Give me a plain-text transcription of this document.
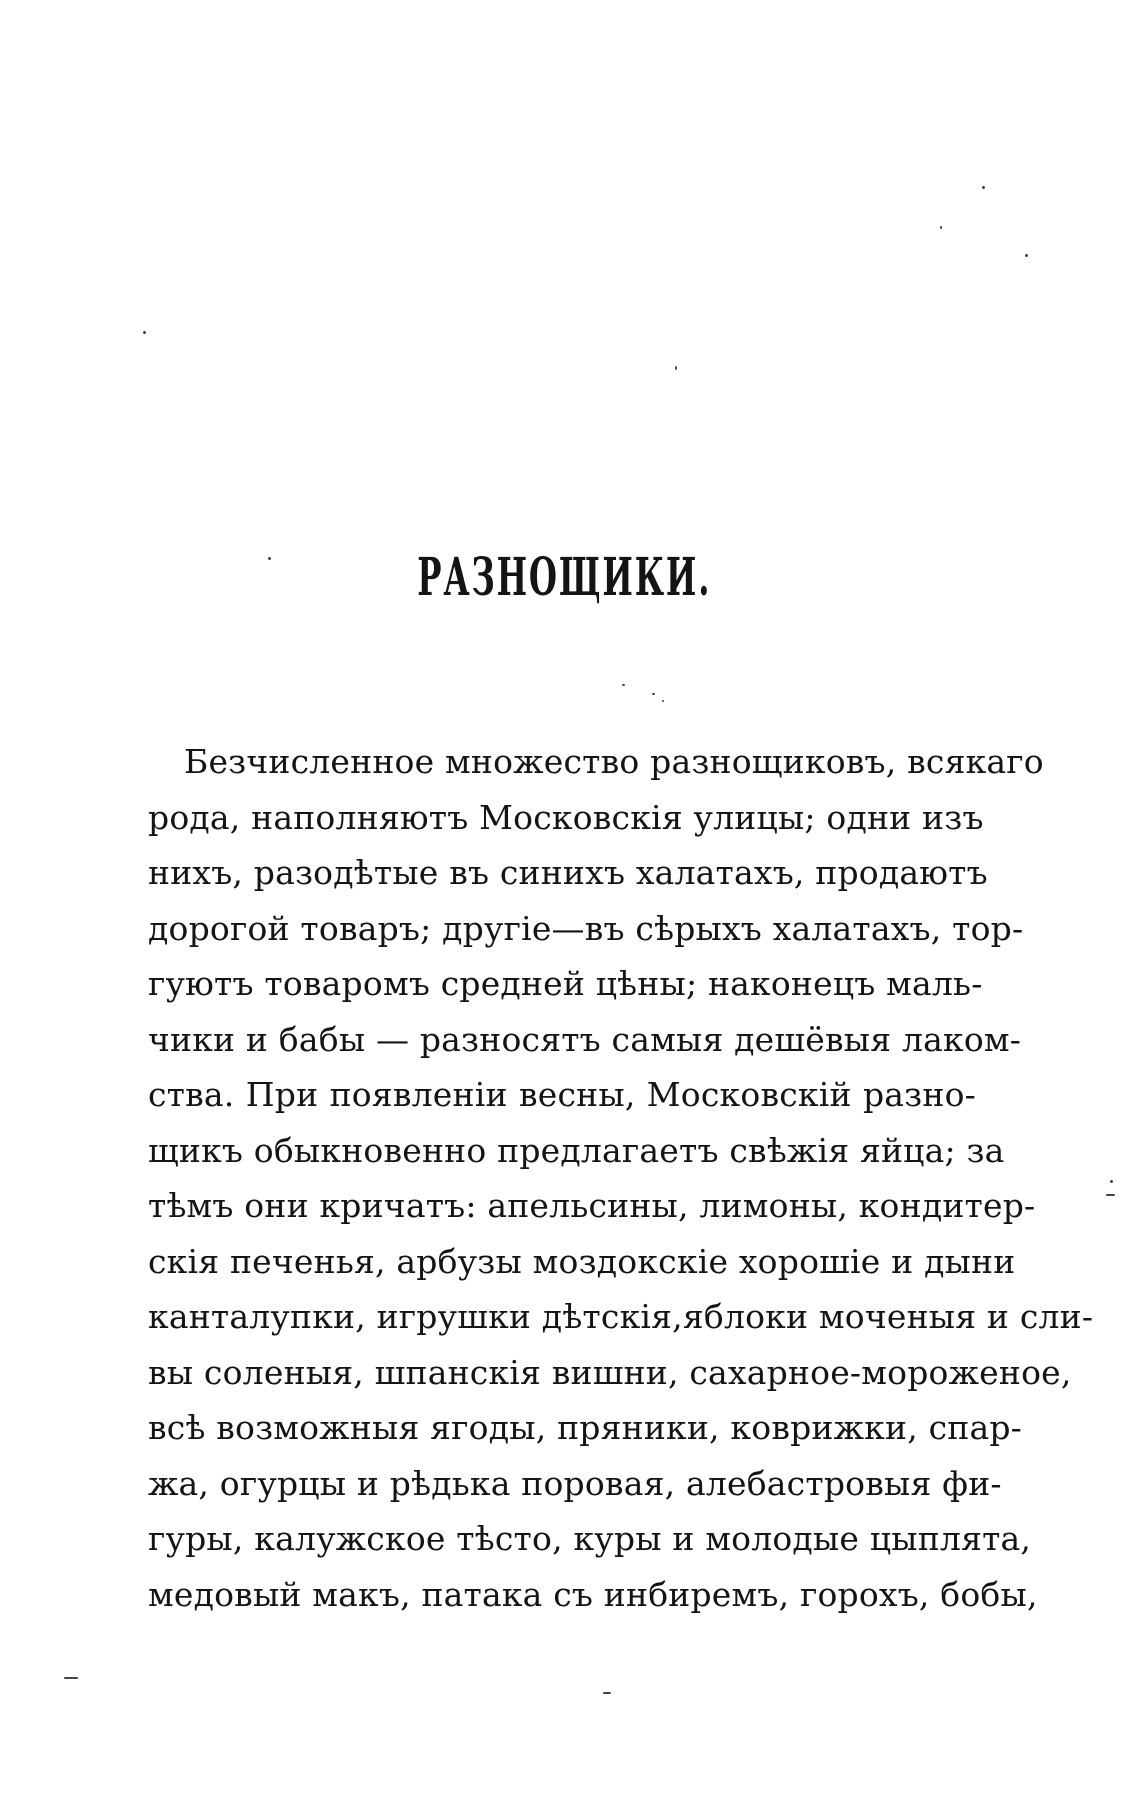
РАЗНОЩИКИ.
Безчисленное множество разнощиковъ, всякаго
рода, наполняютъ Московскія улицы; одни изъ
нихъ, разодѣтые въ синихъ халатахъ, продаютъ
дорогой товаръ; другіе—въ сѣрыхъ халатахъ, тор-
гуютъ товаромъ средней цѣны; наконецъ маль-
чики и бабы — разносятъ самыя дешёвыя лаком-
ства. При появленіи весны, Московскій разно-
щикъ обыкновенно предлагаетъ свѣжія яйца; за
тѣмъ они кричатъ: апельсины, лимоны, кондитер-
скія печенья, арбузы моздокскіе хорошіе и дыни
канталупки, игрушки дѣтскія,яблоки моченыя и сли-
вы соленыя, шпанскія вишни, сахарное-мороженое,
всѣ возможныя ягоды, пряники, коврижки, спар-
жа, огурцы и рѣдька поровая, алебастровыя фи-
гуры, калужское тѣсто, куры и молодые цыплята,
медовый макъ, патака съ инбиремъ, горохъ, бобы,
